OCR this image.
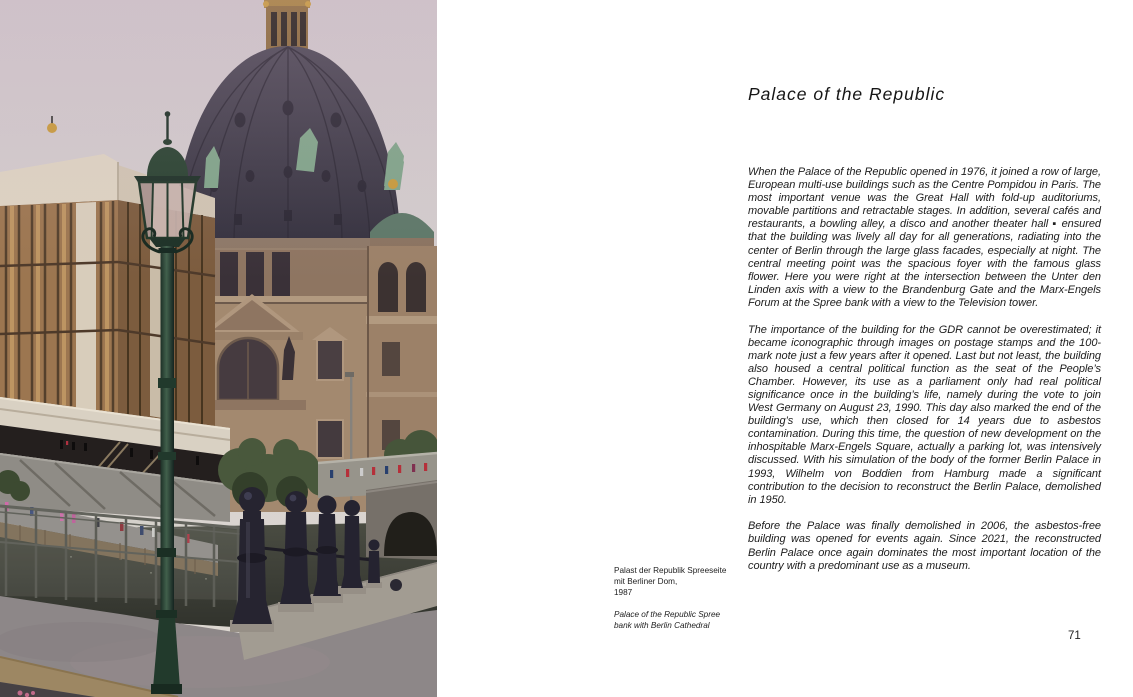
Palast der Republik Spreeseite
mit Berliner Dom,
1987
Palace of the Republic Spree
bank with Berlin Cathedral
Palace of the Republic

When the Palace of the Republic opened in 1976, it joined a row of large, European multi-use buildings such as the Centre Pompidou in Paris. The most important venue was the Great Hall with fold-up auditoriums, movable partitions and retractable stages. In addition, several cafés and restaurants, a bowling alley, a disco and another theater hall ▪ ensured that the building was lively all day for all generations, radiating into the center of Berlin through the large glass facades, especially at night. The central meeting point was the spacious foyer with the famous glass flower. Here you were right at the intersection between the Unter den Linden axis with a view to the Brandenburg Gate and the Marx-Engels Forum at the Spree bank with a view to the Television tower.

The importance of the building for the GDR cannot be overestimated; it became iconographic through images on postage stamps and the 100-mark note just a few years after it opened. Last but not least, the building also housed a central political function as the seat of the People’s Chamber. However, its use as a parliament only had real political significance once in the building’s life, namely during the vote to join West Germany on August 23, 1990. This day also marked the end of the building’s use, which then closed for 14 years due to asbestos contamination. During this time, the question of new development on the inhospitable Marx-Engels Square, actually a parking lot, was intensively discussed. With his simulation of the body of the former Berlin Palace in 1993, Wilhelm von Boddien from Hamburg made a significant contribution to the decision to reconstruct the Berlin Palace, demolished in 1950.

Before the Palace was finally demolished in 2006, the asbestos-free building was opened for events again. Since 2021, the reconstructed Berlin Palace once again dominates the most important location of the country with a predominant use as a museum.

71
